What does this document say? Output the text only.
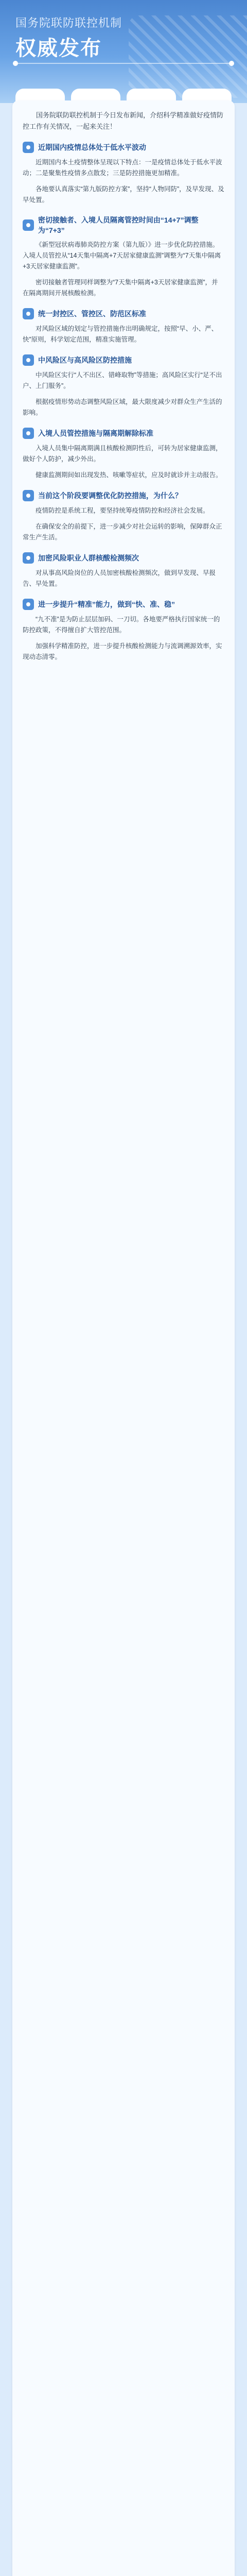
国务院联防联控机制
权威发布

国务院联防联控机制于今日发布新闻，介绍科学精准做好疫情防控工作有关情况，一起来关注！

近期国内疫情总体处于低水平波动

近期国内本土疫情整体呈现以下特点：一是疫情总体处于低水平波动；二是聚集性疫情多点散发；三是防控措施更加精准。

各地要认真落实“第九版防控方案”，坚持“人物同防”，及早发现、及早处置。

密切接触者、入境人员隔离管控时间由“14+7”调整为“7+3”

《新型冠状病毒肺炎防控方案（第九版）》进一步优化防控措施。入境人员管控从“14天集中隔离+7天居家健康监测”调整为“7天集中隔离+3天居家健康监测”。

密切接触者管理同样调整为“7天集中隔离+3天居家健康监测”，并在隔离期间开展核酸检测。

统一封控区、管控区、防范区标准

对风险区域的划定与管控措施作出明确规定，按照“早、小、严、快”原则，科学划定范围，精准实施管理。

中风险区与高风险区防控措施

中风险区实行“人不出区、错峰取物”等措施；高风险区实行“足不出户、上门服务”。

根据疫情形势动态调整风险区域，最大限度减少对群众生产生活的影响。

入境人员管控措施与隔离期解除标准

入境人员集中隔离期满且核酸检测阴性后，可转为居家健康监测，做好个人防护，减少外出。

健康监测期间如出现发热、咳嗽等症状，应及时就诊并主动报告。

当前这个阶段要调整优化防控措施，为什么？

疫情防控是系统工程，要坚持统筹疫情防控和经济社会发展。

在确保安全的前提下，进一步减少对社会运转的影响，保障群众正常生产生活。

加密风险职业人群核酸检测频次

对从事高风险岗位的人员加密核酸检测频次，做到早发现、早报告、早处置。

进一步提升“精准”能力，做到“快、准、稳”

“九不准”是为防止层层加码、一刀切。各地要严格执行国家统一的防控政策，不得擅自扩大管控范围。

加强科学精准防控，进一步提升核酸检测能力与流调溯源效率，实现动态清零。
